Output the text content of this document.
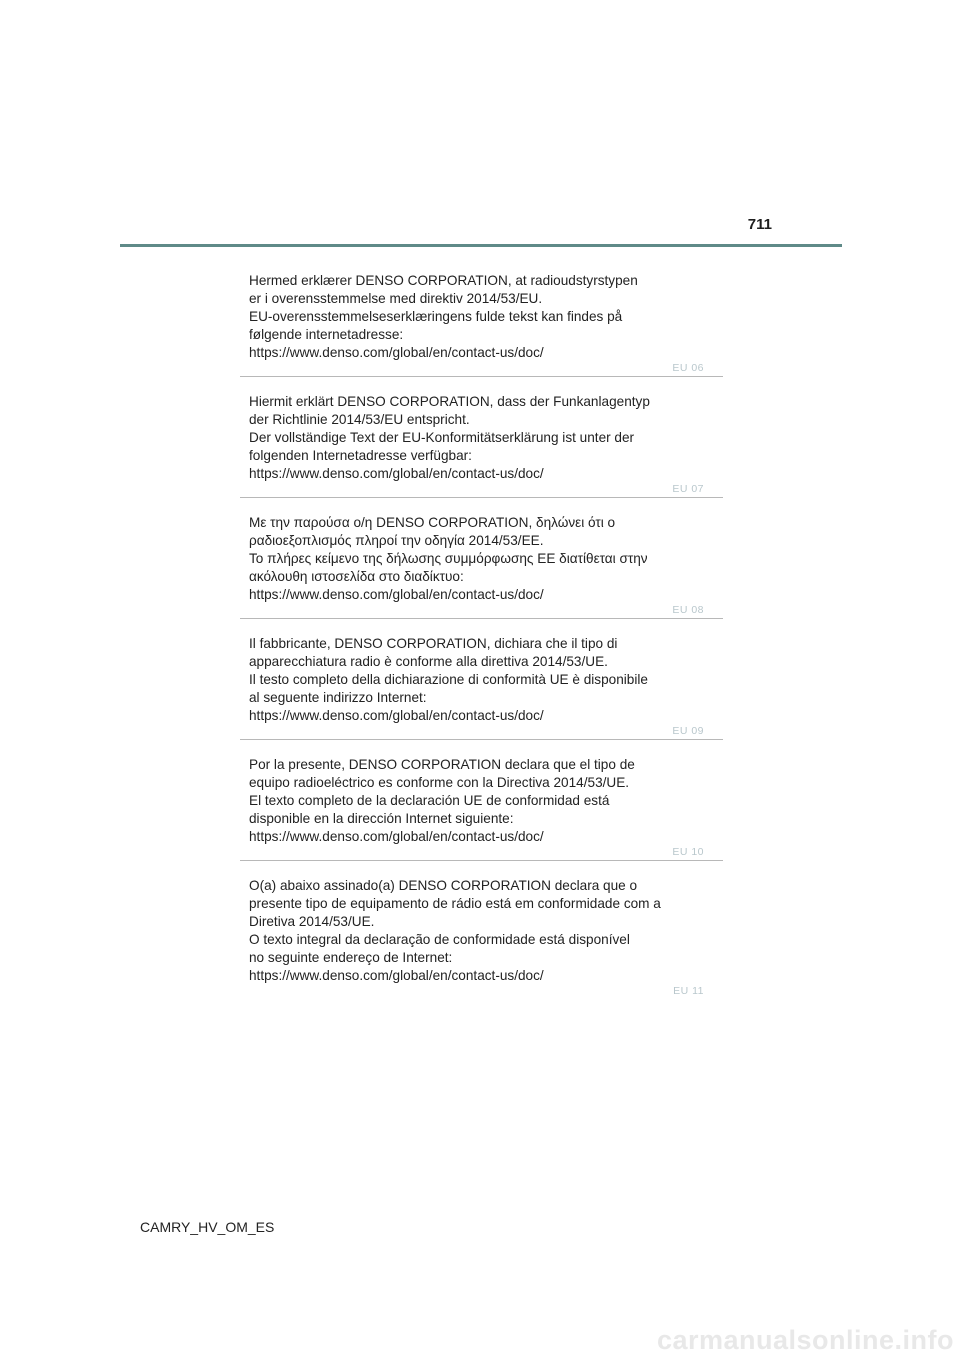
711

Hermed erklærer DENSO CORPORATION, at radioudstyrstypen
er i overensstemmelse med direktiv 2014/53/EU.
EU-overensstemmelseserklæringens fulde tekst kan findes på
følgende internetadresse:
https://www.denso.com/global/en/contact-us/doc/

EU 06

Hiermit erklärt DENSO CORPORATION, dass der Funkanlagentyp
der Richtlinie 2014/53/EU entspricht.
Der vollständige Text der EU-Konformitätserklärung ist unter der
folgenden Internetadresse verfügbar:
https://www.denso.com/global/en/contact-us/doc/

EU 07

Με την παρούσα ο/η DENSO CORPORATION, δηλώνει ότι ο
ραδιοεξοπλισμός πληροί την οδηγία 2014/53/ΕΕ.
Το πλήρες κείμενο της δήλωσης συμμόρφωσης ΕΕ διατίθεται στην
ακόλουθη ιστοσελίδα στο διαδίκτυο:
https://www.denso.com/global/en/contact-us/doc/

EU 08

Il fabbricante, DENSO CORPORATION, dichiara che il tipo di
apparecchiatura radio è conforme alla direttiva 2014/53/UE.
Il testo completo della dichiarazione di conformità UE è disponibile
al seguente indirizzo Internet:
https://www.denso.com/global/en/contact-us/doc/

EU 09

Por la presente, DENSO CORPORATION declara que el tipo de
equipo radioeléctrico es conforme con la Directiva 2014/53/UE.
El texto completo de la declaración UE de conformidad está
disponible en la dirección Internet siguiente:
https://www.denso.com/global/en/contact-us/doc/

EU 10

O(a) abaixo assinado(a) DENSO CORPORATION declara que o
presente tipo de equipamento de rádio está em conformidade com a
Diretiva 2014/53/UE.
O texto integral da declaração de conformidade está disponível
no seguinte endereço de Internet:
https://www.denso.com/global/en/contact-us/doc/

EU 11
CAMRY_HV_OM_ES
carmanualsonline.info
